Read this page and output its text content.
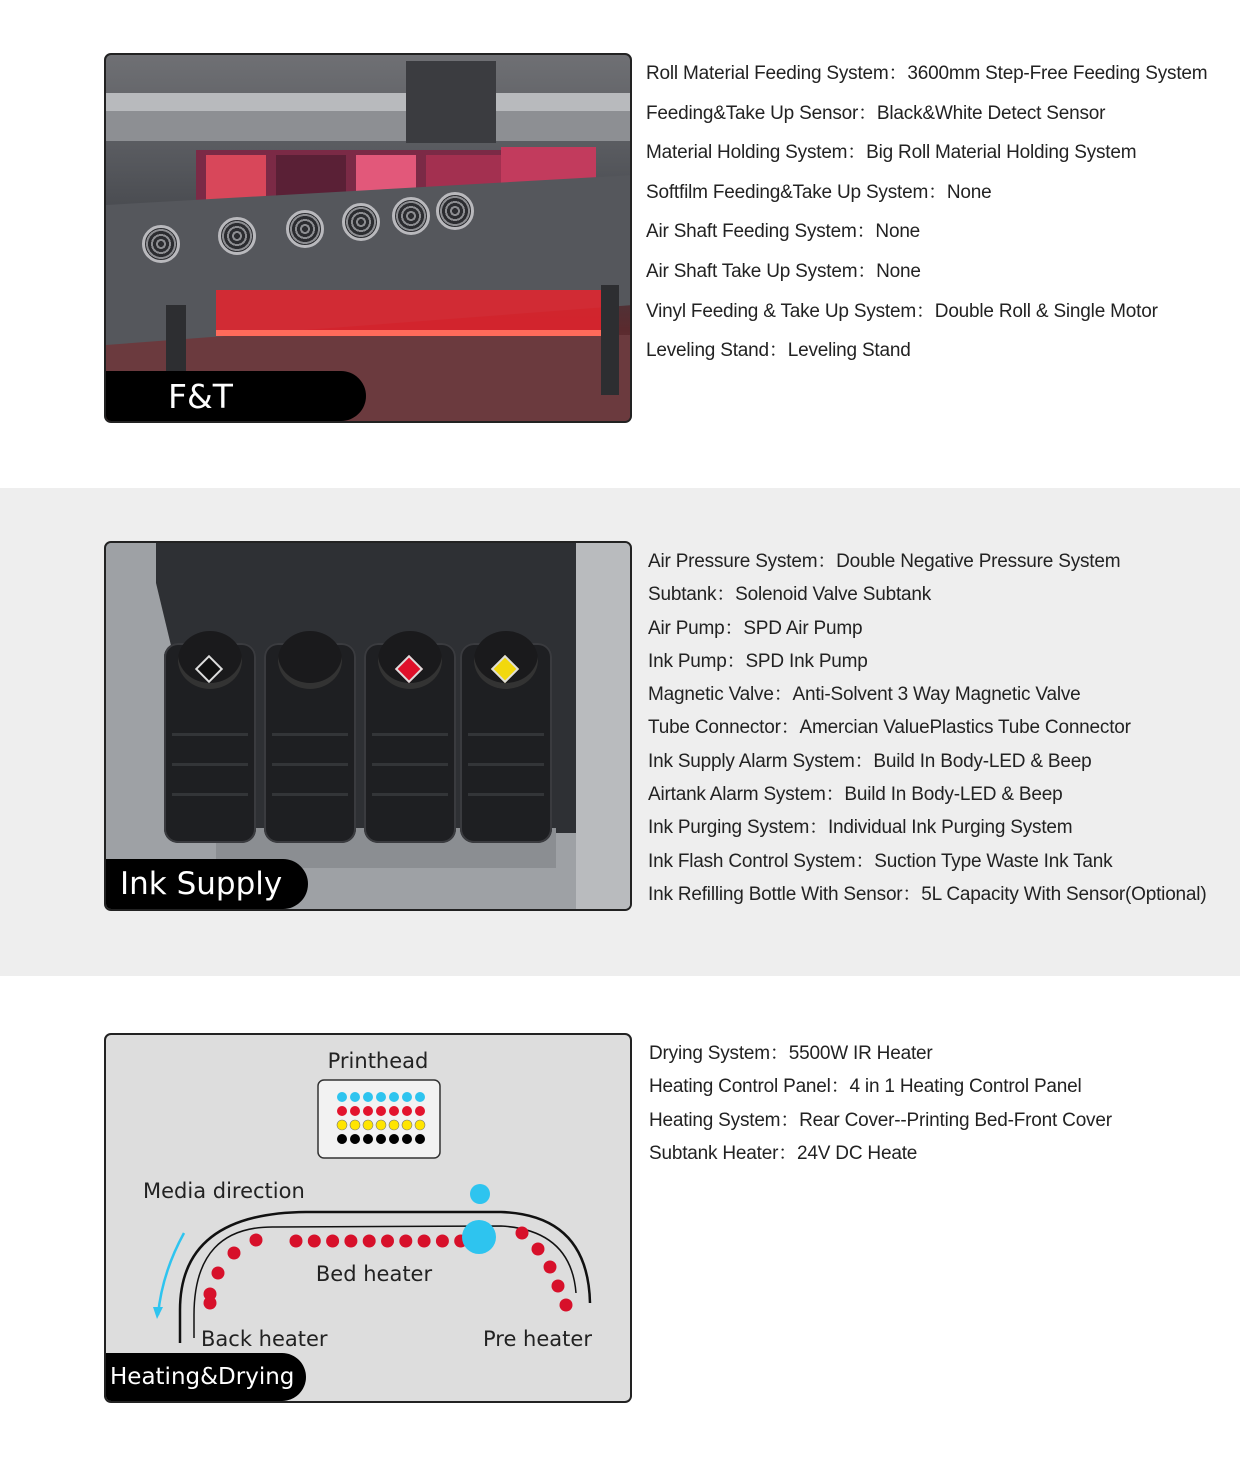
F&T
Roll Material Feeding System：3600mm Step-Free Feeding System
Feeding&Take Up Sensor：Black&White Detect Sensor
Material Holding System：Big Roll Material Holding System
Softfilm Feeding&Take Up System：None
Air Shaft Feeding System：None
Air Shaft Take Up System：None
Vinyl Feeding & Take Up System：Double Roll & Single Motor
Leveling Stand：Leveling Stand
Ink Supply
Air Pressure System：Double Negative Pressure System
Subtank：Solenoid Valve Subtank
Air Pump：SPD Air Pump
Ink Pump：SPD Ink Pump
Magnetic Valve：Anti-Solvent 3 Way Magnetic Valve
Tube Connector：Amercian ValuePlastics Tube Connector
Ink Supply Alarm System：Build In Body-LED & Beep
Airtank Alarm System：Build In Body-LED & Beep
Ink Purging System：Individual Ink Purging System
Ink Flash Control System：Suction Type Waste Ink Tank
Ink Refilling Bottle With Sensor：5L Capacity With Sensor(Optional)
Printhead
Media direction
Bed heater
Back heater	Pre heater
Heating&Drying
Drying System：5500W IR Heater
Heating Control Panel：4 in 1 Heating Control Panel
Heating System：Rear Cover--Printing Bed-Front Cover
Subtank Heater：24V DC Heate
